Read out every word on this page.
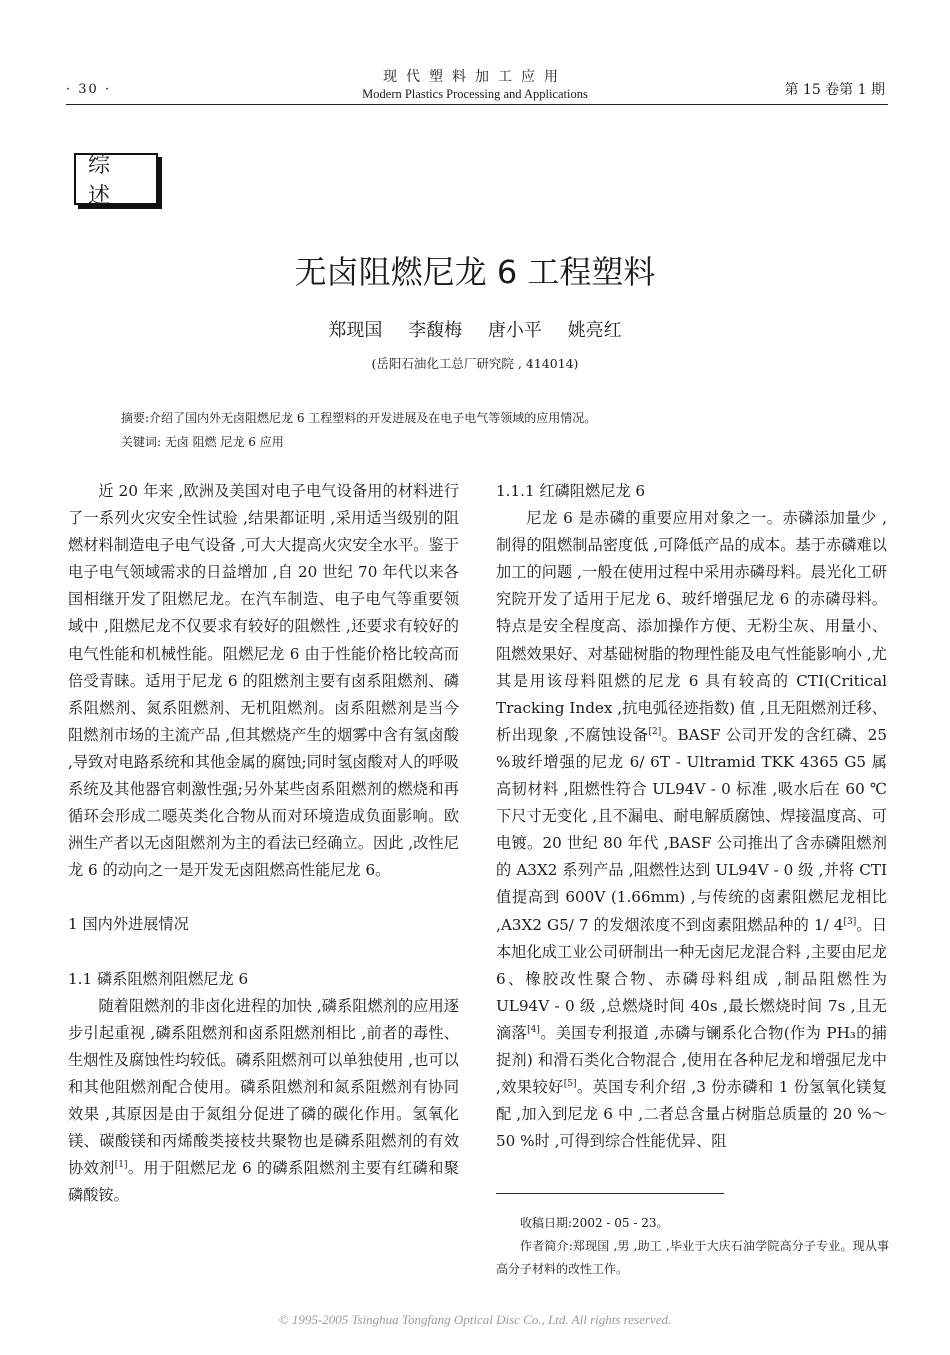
· 30 ·
现代塑料加工应用
Modern Plastics Processing and Applications	第 15 卷第 1 期
综 述
无卤阻燃尼龙 6 工程塑料
郑现国 李馥梅 唐小平 姚亮红
(岳阳石油化工总厂研究院 , 414014)
摘要:介绍了国内外无卤阻燃尼龙 6 工程塑料的开发进展及在电子电气等领域的应用情况。
关键词: 无卤 阻燃 尼龙 6 应用

近 20 年来 ,欧洲及美国对电子电气设备用的材料进行了一系列火灾安全性试验 ,结果都证明 ,采用适当级别的阻燃材料制造电子电气设备 ,可大大提高火灾安全水平。鉴于电子电气领域需求的日益增加 ,自 20 世纪 70 年代以来各国相继开发了阻燃尼龙。在汽车制造、电子电气等重要领域中 ,阻燃尼龙不仅要求有较好的阻燃性 ,还要求有较好的电气性能和机械性能。阻燃尼龙 6 由于性能价格比较高而倍受青睐。适用于尼龙 6 的阻燃剂主要有卤系阻燃剂、磷系阻燃剂、氮系阻燃剂、无机阻燃剂。卤系阻燃剂是当今阻燃剂市场的主流产品 ,但其燃烧产生的烟雾中含有氢卤酸 ,导致对电路系统和其他金属的腐蚀;同时氢卤酸对人的呼吸系统及其他器官刺激性强;另外某些卤系阻燃剂的燃烧和再循环会形成二噁英类化合物从而对环境造成负面影响。欧洲生产者以无卤阻燃剂为主的看法已经确立。因此 ,改性尼龙 6 的动向之一是开发无卤阻燃高性能尼龙 6。

1 国内外进展情况

1.1 磷系阻燃剂阻燃尼龙 6

随着阻燃剂的非卤化进程的加快 ,磷系阻燃剂的应用逐步引起重视 ,磷系阻燃剂和卤系阻燃剂相比 ,前者的毒性、生烟性及腐蚀性均较低。磷系阻燃剂可以单独使用 ,也可以和其他阻燃剂配合使用。磷系阻燃剂和氮系阻燃剂有协同效果 ,其原因是由于氮组分促进了磷的碳化作用。氢氧化镁、碳酸镁和丙烯酸类接枝共聚物也是磷系阻燃剂的有效协效剂[1]。用于阻燃尼龙 6 的磷系阻燃剂主要有红磷和聚磷酸铵。

1.1.1 红磷阻燃尼龙 6

尼龙 6 是赤磷的重要应用对象之一。赤磷添加量少 ,制得的阻燃制品密度低 ,可降低产品的成本。基于赤磷难以加工的问题 ,一般在使用过程中采用赤磷母料。晨光化工研究院开发了适用于尼龙 6、玻纤增强尼龙 6 的赤磷母料。特点是安全程度高、添加操作方便、无粉尘灰、用量小、阻燃效果好、对基础树脂的物理性能及电气性能影响小 ,尤其是用该母料阻燃的尼龙 6 具有较高的 CTI(Critical Tracking Index ,抗电弧径迹指数) 值 ,且无阻燃剂迁移、析出现象 ,不腐蚀设备[2]。BASF 公司开发的含红磷、25 %玻纤增强的尼龙 6/ 6T - Ultramid TKK 4365 G5 属高韧材料 ,阻燃性符合 UL94V - 0 标准 ,吸水后在 60 ℃下尺寸无变化 ,且不漏电、耐电解质腐蚀、焊接温度高、可电镀。20 世纪 80 年代 ,BASF 公司推出了含赤磷阻燃剂的 A3X2 系列产品 ,阻燃性达到 UL94V - 0 级 ,并将 CTI 值提高到 600V (1.66mm) ,与传统的卤素阻燃尼龙相比 ,A3X2 G5/ 7 的发烟浓度不到卤素阻燃品种的 1/ 4[3]。日本旭化成工业公司研制出一种无卤尼龙混合料 ,主要由尼龙 6、橡胶改性聚合物、赤磷母料组成 ,制品阻燃性为 UL94V - 0 级 ,总燃烧时间 40s ,最长燃烧时间 7s ,且无滴落[4]。美国专利报道 ,赤磷与镧系化合物(作为 PH₃的捕捉剂) 和滑石类化合物混合 ,使用在各种尼龙和增强尼龙中 ,效果较好[5]。英国专利介绍 ,3 份赤磷和 1 份氢氧化镁复配 ,加入到尼龙 6 中 ,二者总含量占树脂总质量的 20 %～50 %时 ,可得到综合性能优异、阻

收稿日期:2002 - 05 - 23。

作者简介:郑现国 ,男 ,助工 ,毕业于大庆石油学院高分子专业。现从事高分子材料的改性工作。

© 1995-2005 Tsinghua Tongfang Optical Disc Co., Ltd. All rights reserved.
